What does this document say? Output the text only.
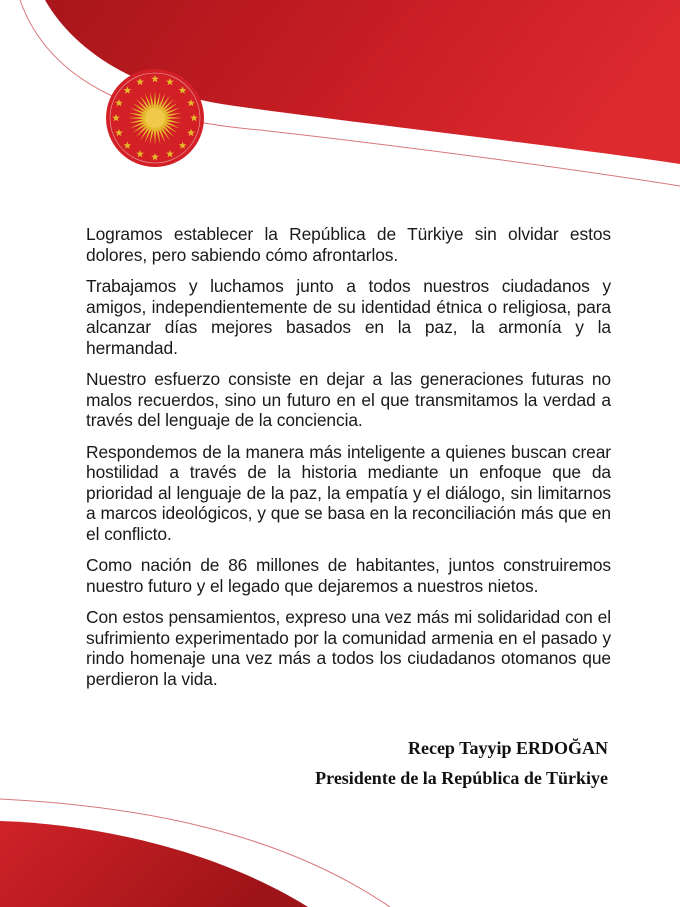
Logramos establecer la República de Türkiye sin olvidar estos dolores, pero sabiendo cómo afrontarlos.

Trabajamos y luchamos junto a todos nuestros ciudadanos y amigos, independientemente de su identidad étnica o religiosa, para alcanzar días mejores basados en la paz, la armonía y la hermandad.

Nuestro esfuerzo consiste en dejar a las generaciones futuras no malos recuerdos, sino un futuro en el que transmitamos la verdad a través del lenguaje de la conciencia.

Respondemos de la manera más inteligente a quienes buscan crear hostilidad a través de la historia mediante un enfoque que da prioridad al lenguaje de la paz, la empatía y el diálogo, sin limitarnos a marcos ideológicos, y que se basa en la reconciliación más que en el conflicto.

Como nación de 86 millones de habitantes, juntos construiremos nuestro futuro y el legado que dejaremos a nuestros nietos.

Con estos pensamientos, expreso una vez más mi solidaridad con el sufrimiento experimentado por la comunidad armenia en el pasado y rindo homenaje una vez más a todos los ciudadanos otomanos que perdieron la vida.

Recep Tayyip ERDOĞAN
Presidente de la República de Türkiye
